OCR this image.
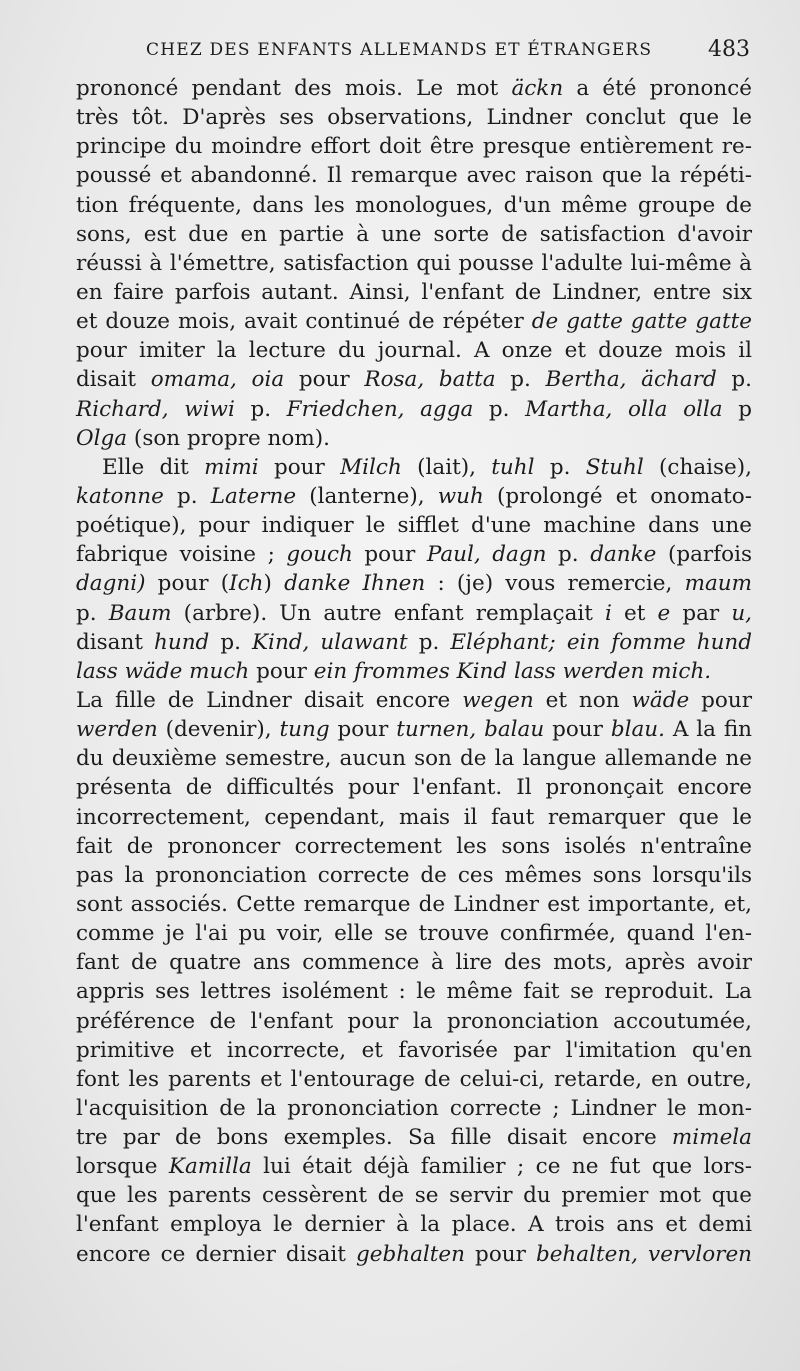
CHEZ DES ENFANTS ALLEMANDS ET ÉTRANGERS	483
prononcé pendant des mois. Le mot äckn a été prononcé
très tôt. D'après ses observations, Lindner conclut que le
principe du moindre effort doit être presque entièrement re-
poussé et abandonné. Il remarque avec raison que la répéti-
tion fréquente, dans les monologues, d'un même groupe de
sons, est due en partie à une sorte de satisfaction d'avoir
réussi à l'émettre, satisfaction qui pousse l'adulte lui-même à
en faire parfois autant. Ainsi, l'enfant de Lindner, entre six
et douze mois, avait continué de répéter de gatte gatte gatte
pour imiter la lecture du journal. A onze et douze mois il
disait omama, oia pour Rosa, batta p. Bertha, ächard p.
Richard, wiwi p. Friedchen, agga p. Martha, olla olla p
Olga (son propre nom).
Elle dit mimi pour Milch (lait), tuhl p. Stuhl (chaise),
katonne p. Laterne (lanterne), wuh (prolongé et onomato-
poétique), pour indiquer le sifflet d'une machine dans une
fabrique voisine ; gouch pour Paul, dagn p. danke (parfois
dagni) pour (Ich) danke Ihnen : (je) vous remercie, maum
p. Baum (arbre). Un autre enfant remplaçait i et e par u,
disant hund p. Kind, ulawant p. Eléphant; ein fomme hund
lass wäde much pour ein frommes Kind lass werden mich.
La fille de Lindner disait encore wegen et non wäde pour
werden (devenir), tung pour turnen, balau pour blau. A la fin
du deuxième semestre, aucun son de la langue allemande ne
présenta de difficultés pour l'enfant. Il prononçait encore
incorrectement, cependant, mais il faut remarquer que le
fait de prononcer correctement les sons isolés n'entraîne
pas la prononciation correcte de ces mêmes sons lorsqu'ils
sont associés. Cette remarque de Lindner est importante, et,
comme je l'ai pu voir, elle se trouve confirmée, quand l'en-
fant de quatre ans commence à lire des mots, après avoir
appris ses lettres isolément : le même fait se reproduit. La
préférence de l'enfant pour la prononciation accoutumée,
primitive et incorrecte, et favorisée par l'imitation qu'en
font les parents et l'entourage de celui-ci, retarde, en outre,
l'acquisition de la prononciation correcte ; Lindner le mon-
tre par de bons exemples. Sa fille disait encore mimela
lorsque Kamilla lui était déjà familier ; ce ne fut que lors-
que les parents cessèrent de se servir du premier mot que
l'enfant employa le dernier à la place. A trois ans et demi
encore ce dernier disait gebhalten pour behalten, vervloren
